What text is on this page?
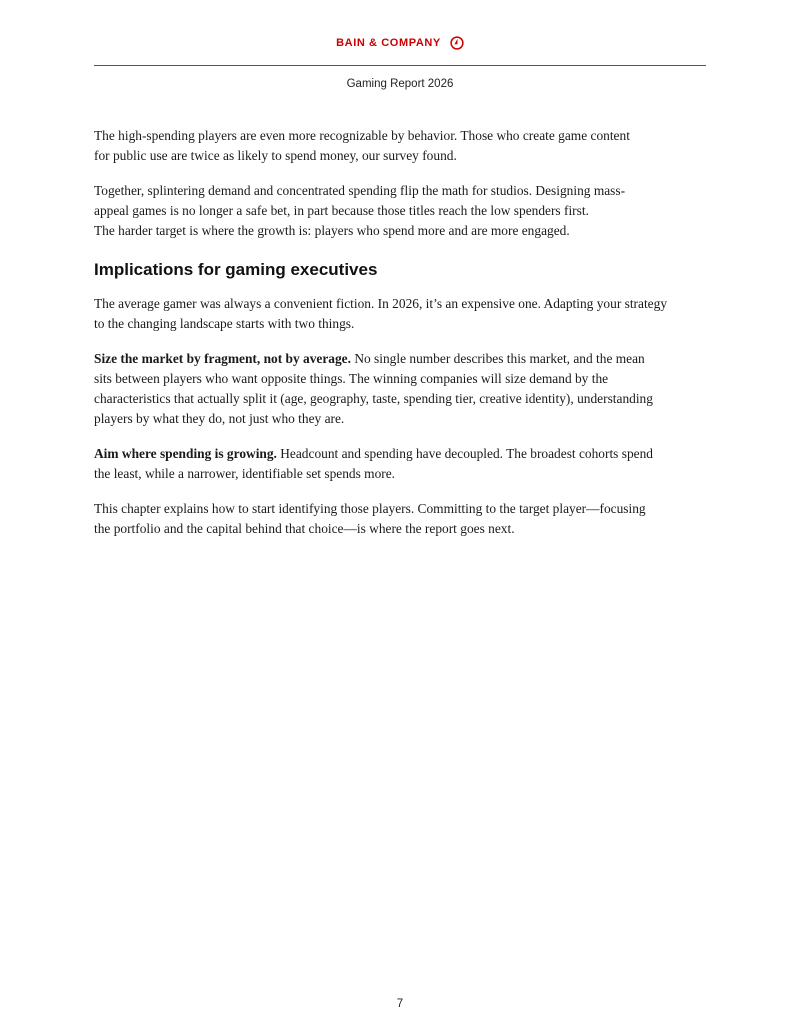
BAIN & COMPANY
Gaming Report 2026

The high-spending players are even more recognizable by behavior. Those who create game content
for public use are twice as likely to spend money, our survey found.

Together, splintering demand and concentrated spending flip the math for studios. Designing mass-
appeal games is no longer a safe bet, in part because those titles reach the low spenders first.
The harder target is where the growth is: players who spend more and are more engaged.

Implications for gaming executives

The average gamer was always a convenient fiction. In 2026, it’s an expensive one. Adapting your strategy
to the changing landscape starts with two things.

Size the market by fragment, not by average. No single number describes this market, and the mean
sits between players who want opposite things. The winning companies will size demand by the
characteristics that actually split it (age, geography, taste, spending tier, creative identity), understanding
players by what they do, not just who they are.

Aim where spending is growing. Headcount and spending have decoupled. The broadest cohorts spend
the least, while a narrower, identifiable set spends more.

This chapter explains how to start identifying those players. Committing to the target player—focusing
the portfolio and the capital behind that choice—is where the report goes next.

7
